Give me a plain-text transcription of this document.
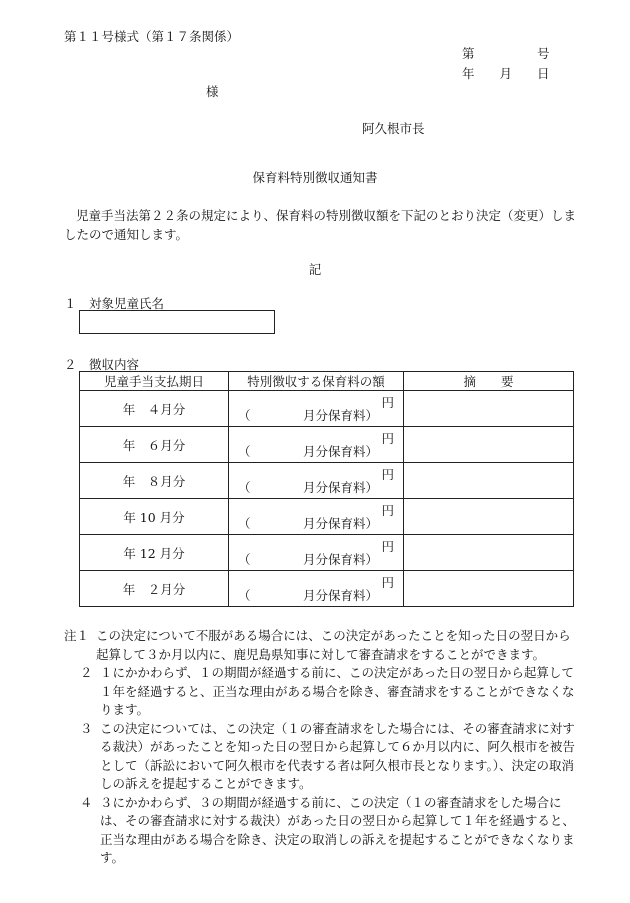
第１１号様式（第１７条関係）
第　　　　　号
年　　月　　日
様
阿久根市長
保育料特別徴収通知書
児童手当法第２２条の規定により、保育料の特別徴収額を下記のとおり決定（変更）しましたので通知します。
記
１　対象児童氏名
２　徴収内容
児童手当支払期日	特別徴収する保育料の額	摘　　要
年　４月分	円
（ 月分保育料）	

年　６月分	円
（ 月分保育料）	

年　８月分	円
（ 月分保育料）	

年 10 月分	円
（ 月分保育料）	

年 12 月分	円
（ 月分保育料）	

年　２月分	円
（ 月分保育料）	

注１ この決定について不服がある場合には、この決定があったことを知った日の翌日から起算して３か月以内に、鹿児島県知事に対して審査請求をすることができます。
２ １にかかわらず、１の期間が経過する前に、この決定があった日の翌日から起算して１年を経過すると、正当な理由がある場合を除き、審査請求をすることができなくなります。
３ この決定については、この決定（１の審査請求をした場合には、その審査請求に対する裁決）があったことを知った日の翌日から起算して６か月以内に、阿久根市を被告として（訴訟において阿久根市を代表する者は阿久根市長となります。）、決定の取消しの訴えを提起することができます。
４ ３にかかわらず、３の期間が経過する前に、この決定（１の審査請求をした場合には、その審査請求に対する裁決）があった日の翌日から起算して１年を経過すると、正当な理由がある場合を除き、決定の取消しの訴えを提起することができなくなります。
